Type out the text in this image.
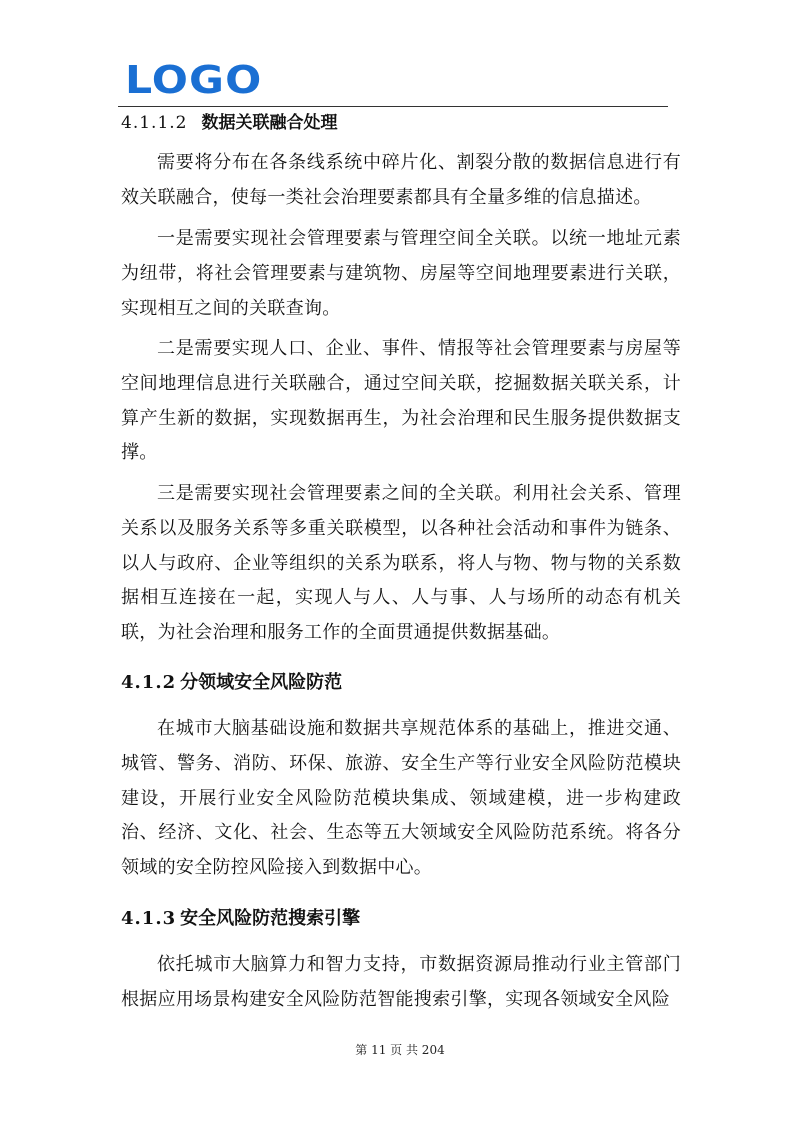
LOGO
4.1.1.2 数据关联融合处理

需要将分布在各条线系统中碎片化、割裂分散的数据信息进行有效关联融合，使每一类社会治理要素都具有全量多维的信息描述。

一是需要实现社会管理要素与管理空间全关联。以统一地址元素为纽带，将社会管理要素与建筑物、房屋等空间地理要素进行关联，实现相互之间的关联查询。

二是需要实现人口、企业、事件、情报等社会管理要素与房屋等空间地理信息进行关联融合，通过空间关联，挖掘数据关联关系，计算产生新的数据，实现数据再生，为社会治理和民生服务提供数据支撑。

三是需要实现社会管理要素之间的全关联。利用社会关系、管理关系以及服务关系等多重关联模型，以各种社会活动和事件为链条、以人与政府、企业等组织的关系为联系，将人与物、物与物的关系数据相互连接在一起，实现人与人、人与事、人与场所的动态有机关联，为社会治理和服务工作的全面贯通提供数据基础。

4.1.2 分领域安全风险防范

在城市大脑基础设施和数据共享规范体系的基础上，推进交通、城管、警务、消防、环保、旅游、安全生产等行业安全风险防范模块建设，开展行业安全风险防范模块集成、领域建模，进一步构建政治、经济、文化、社会、生态等五大领域安全风险防范系统。将各分领域的安全防控风险接入到数据中心。

4.1.3 安全风险防范搜索引擎

依托城市大脑算力和智力支持，市数据资源局推动行业主管部门根据应用场景构建安全风险防范智能搜索引擎，实现各领域安全风险

第 11 页 共 204
